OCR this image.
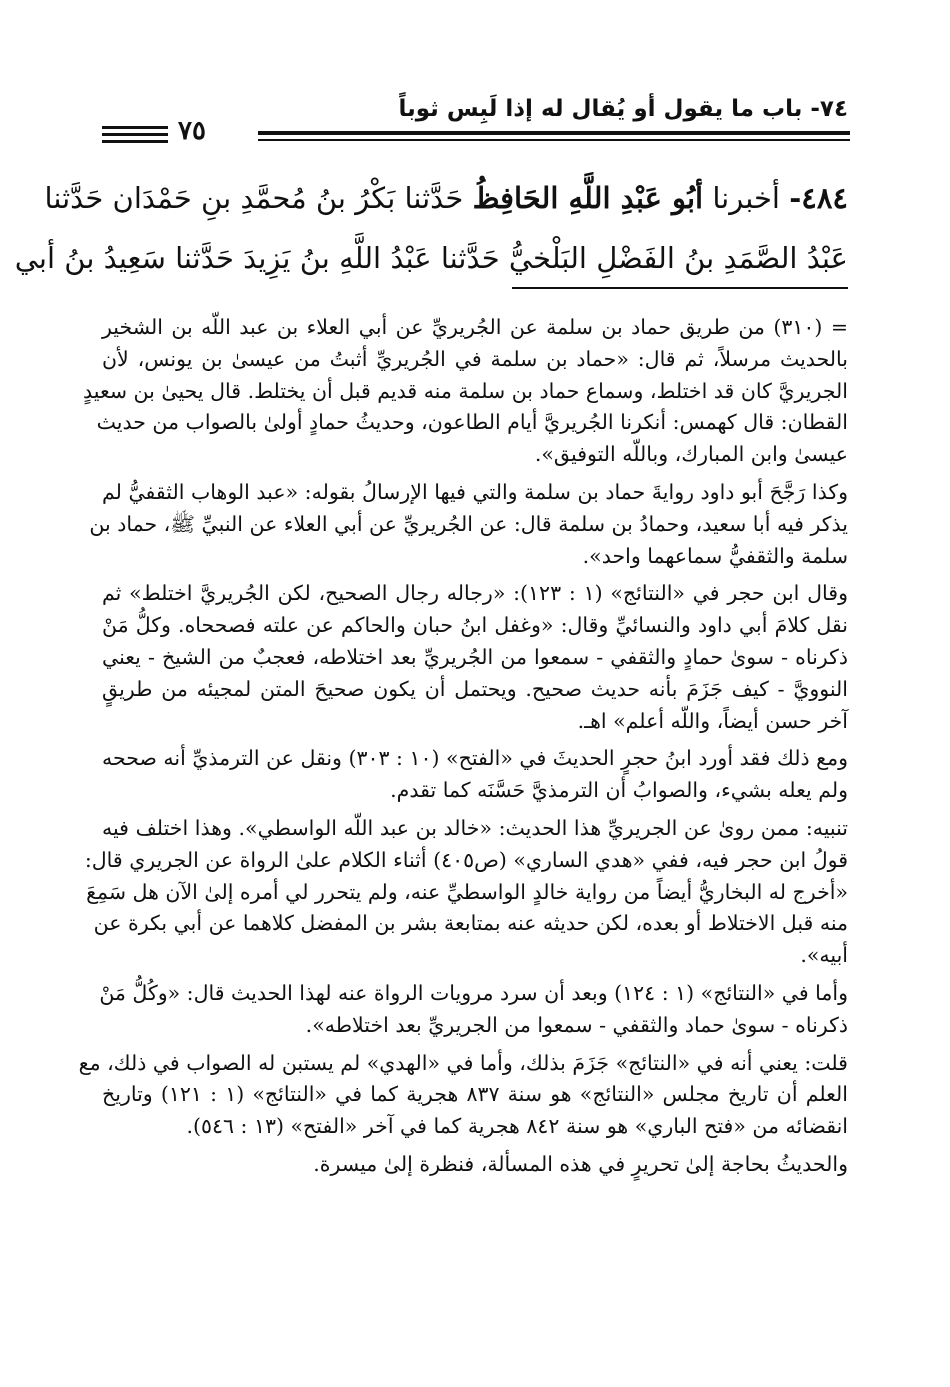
٧٤- باب ما يقول أو يُقال له إذا لَبِس ثوباً
٧٥

٤٨٤- أخبرنا أبُو عَبْدِ اللَّهِ الحَافِظُ حَدَّثنا بَكْرُ بنُ مُحمَّدِ بنِ حَمْدَان حَدَّثنا

عَبْدُ الصَّمَدِ بنُ الفَضْلِ البَلْخيُّ حَدَّثنا عَبْدُ اللَّهِ بنُ يَزِيدَ حَدَّثنا سَعِيدُ بنُ أبي

= (٣١٠) من طريق حماد بن سلمة عن الجُريريِّ عن أبي العلاء بن عبد اللّه بن الشخير
بالحديث مرسلاً، ثم قال: «حماد بن سلمة في الجُريريِّ أثبتُ من عيسىٰ بن يونس، لأن
الجريريَّ كان قد اختلط، وسماع حماد بن سلمة منه قديم قبل أن يختلط. قال يحيىٰ بن سعيدٍ
القطان: قال كهمس: أنكرنا الجُريريَّ أيام الطاعون، وحديثُ حمادٍ أولىٰ بالصواب من حديث
عيسىٰ وابن المبارك، وباللّه التوفيق».

وكذا رَجَّحَ أبو داود روايةَ حماد بن سلمة والتي فيها الإرسالُ بقوله: «عبد الوهاب الثقفيُّ لم
يذكر فيه أبا سعيد، وحمادُ بن سلمة قال: عن الجُريريِّ عن أبي العلاء عن النبيِّ ﷺ، حماد بن
سلمة والثقفيُّ سماعهما واحد».

وقال ابن حجر في «النتائج» (١ : ١٢٣): «رجاله رجال الصحيح، لكن الجُريريَّ اختلط» ثم
نقل كلامَ أبي داود والنسائيِّ وقال: «وغفل ابنُ حبان والحاكم عن علته فصححاه. وكلُّ مَنْ
ذكرناه - سوىٰ حمادٍ والثقفي - سمعوا من الجُريريِّ بعد اختلاطه، فعجبٌ من الشيخ - يعني
النوويَّ - كيف جَزَمَ بأنه حديث صحيح. ويحتمل أن يكون صحيحَ المتن لمجيئه من طريقٍ
آخر حسن أيضاً، واللّه أعلم» اهـ.

ومع ذلك فقد أورد ابنُ حجرٍ الحديثَ في «الفتح» (١٠ : ٣٠٣) ونقل عن الترمذيِّ أنه صححه
ولم يعله بشيء، والصوابُ أن الترمذيَّ حَسَّنَه كما تقدم.

تنبيه: ممن روىٰ عن الجريريِّ هذا الحديث: «خالد بن عبد اللّه الواسطي». وهذا اختلف فيه
قولُ ابن حجر فيه، ففي «هدي الساري» (ص٤٠٥) أثناء الكلام علىٰ الرواة عن الجريري قال:
«أخرج له البخاريُّ أيضاً من رواية خالدٍ الواسطيِّ عنه، ولم يتحرر لي أمره إلىٰ الآن هل سَمِعَ
منه قبل الاختلاط أو بعده، لكن حديثه عنه بمتابعة بشر بن المفضل كلاهما عن أبي بكرة عن
أبيه».

وأما في «النتائج» (١ : ١٢٤) وبعد أن سرد مرويات الرواة عنه لهذا الحديث قال: «وكُلُّ مَنْ
ذكرناه - سوىٰ حماد والثقفي - سمعوا من الجريريِّ بعد اختلاطه».

قلت: يعني أنه في «النتائج» جَزَمَ بذلك، وأما في «الهدي» لم يستبن له الصواب في ذلك، مع
العلم أن تاريخ مجلس «النتائج» هو سنة ٨٣٧ هجرية كما في «النتائج» (١ : ١٢١) وتاريخ
انقضائه من «فتح الباري» هو سنة ٨٤٢ هجرية كما في آخر «الفتح» (١٣ : ٥٤٦).

والحديثُ بحاجة إلىٰ تحريرٍ في هذه المسألة، فنظرة إلىٰ ميسرة.
